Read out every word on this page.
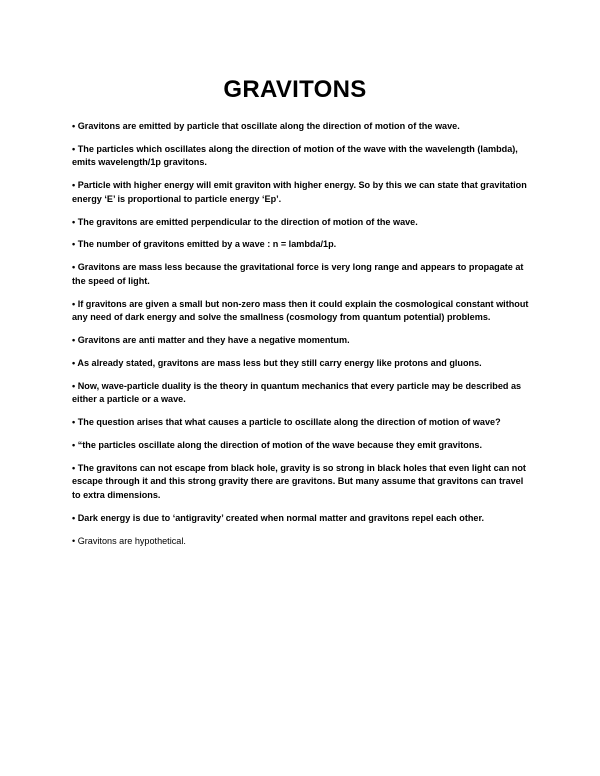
GRAVITONS
• Gravitons are emitted by particle that oscillate along the direction of motion of the wave.
• The particles which oscillates along the direction of motion of the wave with the wavelength (lambda), emits wavelength/1p gravitons.
• Particle with higher energy will emit graviton with higher energy. So by this we can state that gravitation energy ‘E’ is proportional to particle energy ‘Ep’.
• The gravitons are emitted perpendicular to the direction of motion of the wave.
• The number of gravitons emitted by a wave : n = lambda/1p.
• Gravitons are mass less because the gravitational force is very long range and appears to propagate at the speed of light.
• If gravitons are given a small but non-zero mass then it could explain the cosmological constant without any need of dark energy and solve the smallness (cosmology from quantum potential) problems.
• Gravitons are anti matter and they have a negative momentum.
• As already stated, gravitons are mass less but they still carry energy like protons and gluons.
• Now, wave-particle duality is the theory in quantum mechanics that every particle may be described as either a particle or a wave.
• The question arises that what causes a particle to oscillate along the direction of motion of wave?
• “the particles oscillate along the direction of motion of the wave because they emit gravitons.
• The gravitons can not escape from black hole, gravity is so strong in black holes that even light can not escape through it and this strong gravity there are gravitons. But many assume that gravitons can travel to extra dimensions.
• Dark energy is due to ‘antigravity’ created when normal matter and gravitons repel each other.
• Gravitons are hypothetical.
